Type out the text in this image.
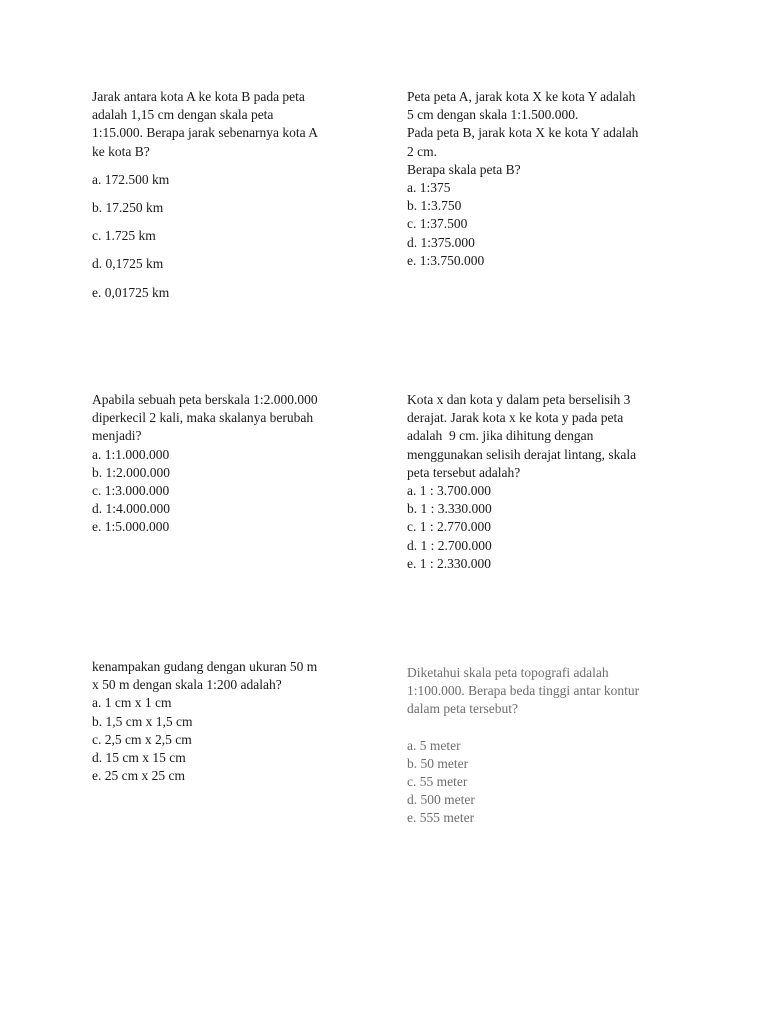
Jarak antara kota A ke kota B pada peta
adalah 1,15 cm dengan skala peta
1:15.000. Berapa jarak sebenarnya kota A
ke kota B?

a. 172.500 km
b. 17.250 km
c. 1.725 km
d. 0,1725 km
e. 0,01725 km

Peta peta A, jarak kota X ke kota Y adalah
5 cm dengan skala 1:1.500.000.
Pada peta B, jarak kota X ke kota Y adalah
2 cm.
Berapa skala peta B?

a. 1:375
b. 1:3.750
c. 1:37.500
d. 1:375.000
e. 1:3.750.000

Apabila sebuah peta berskala 1:2.000.000
diperkecil 2 kali, maka skalanya berubah
menjadi?

a. 1:1.000.000
b. 1:2.000.000
c. 1:3.000.000
d. 1:4.000.000
e. 1:5.000.000

Kota x dan kota y dalam peta berselisih 3
derajat. Jarak kota x ke kota y pada peta
adalah  9 cm. jika dihitung dengan
menggunakan selisih derajat lintang, skala
peta tersebut adalah?

a. 1 : 3.700.000
b. 1 : 3.330.000
c. 1 : 2.770.000
d. 1 : 2.700.000
e. 1 : 2.330.000

kenampakan gudang dengan ukuran 50 m
x 50 m dengan skala 1:200 adalah?

a. 1 cm x 1 cm
b. 1,5 cm x 1,5 cm
c. 2,5 cm x 2,5 cm
d. 15 cm x 15 cm
e. 25 cm x 25 cm

Diketahui skala peta topografi adalah
1:100.000. Berapa beda tinggi antar kontur
dalam peta tersebut?

a. 5 meter
b. 50 meter
c. 55 meter
d. 500 meter
e. 555 meter
